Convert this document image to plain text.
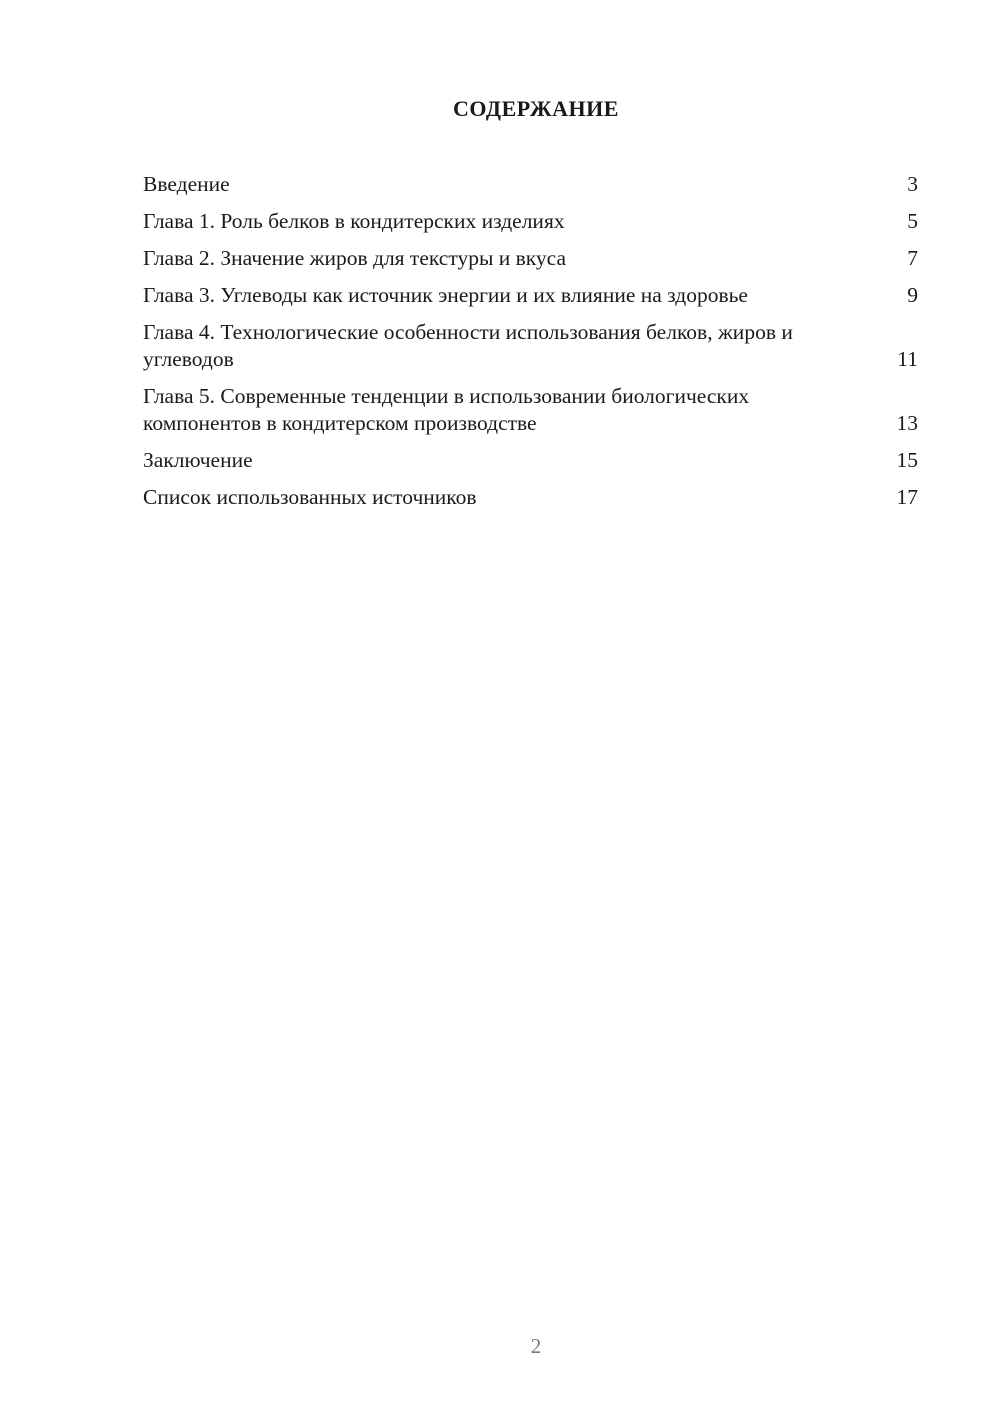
СОДЕРЖАНИЕ
Введение	3
Глава 1. Роль белков в кондитерских изделиях	5
Глава 2. Значение жиров для текстуры и вкуса	7
Глава 3. Углеводы как источник энергии и их влияние на здоровье	9
Глава 4. Технологические особенности использования белков, жиров и углеводов	11
Глава 5. Современные тенденции в использовании биологических компонентов в кондитерском производстве	13
Заключение	15
Список использованных источников	17
2
